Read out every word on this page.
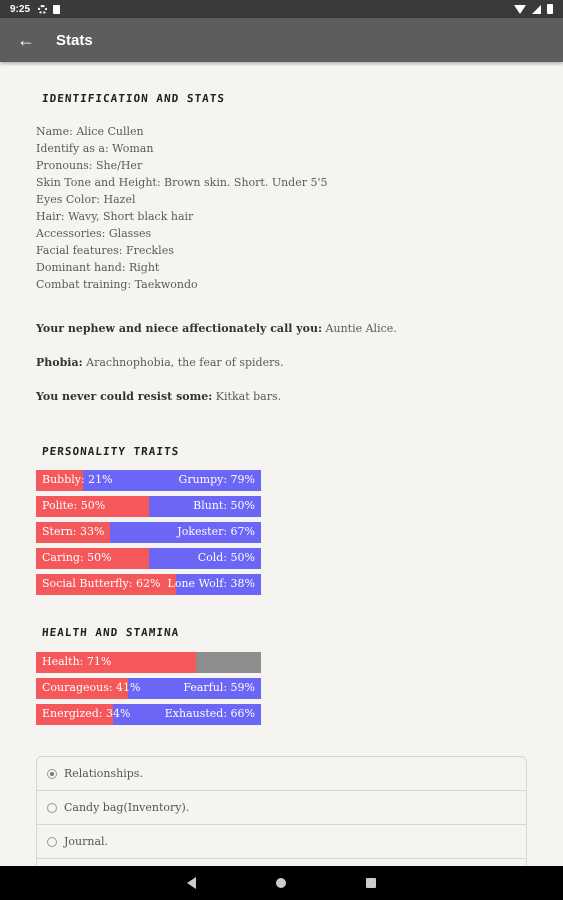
9:25
← Stats
IDENTIFICATION AND STATS
Name: Alice Cullen
Identify as a: Woman
Pronouns: She/Her
Skin Tone and Height: Brown skin. Short. Under 5'5
Eyes Color: Hazel
Hair: Wavy, Short black hair
Accessories: Glasses
Facial features: Freckles
Dominant hand: Right
Combat training: Taekwondo
Your nephew and niece affectionately call you: Auntie Alice.
Phobia: Arachnophobia, the fear of spiders.
You never could resist some: Kitkat bars.
PERSONALITY TRAITS
Bubbly: 21%	Grumpy: 79%
Polite: 50%	Blunt: 50%
Stern: 33%	Jokester: 67%
Caring: 50%	Cold: 50%
Social Butterfly: 62% Lone Wolf: 38%
HEALTH AND STAMINA
Health: 71%
Courageous: 41%	Fearful: 59%
Energized: 34%	Exhausted: 66%
Relationships.
Candy bag(Inventory).
Journal.
